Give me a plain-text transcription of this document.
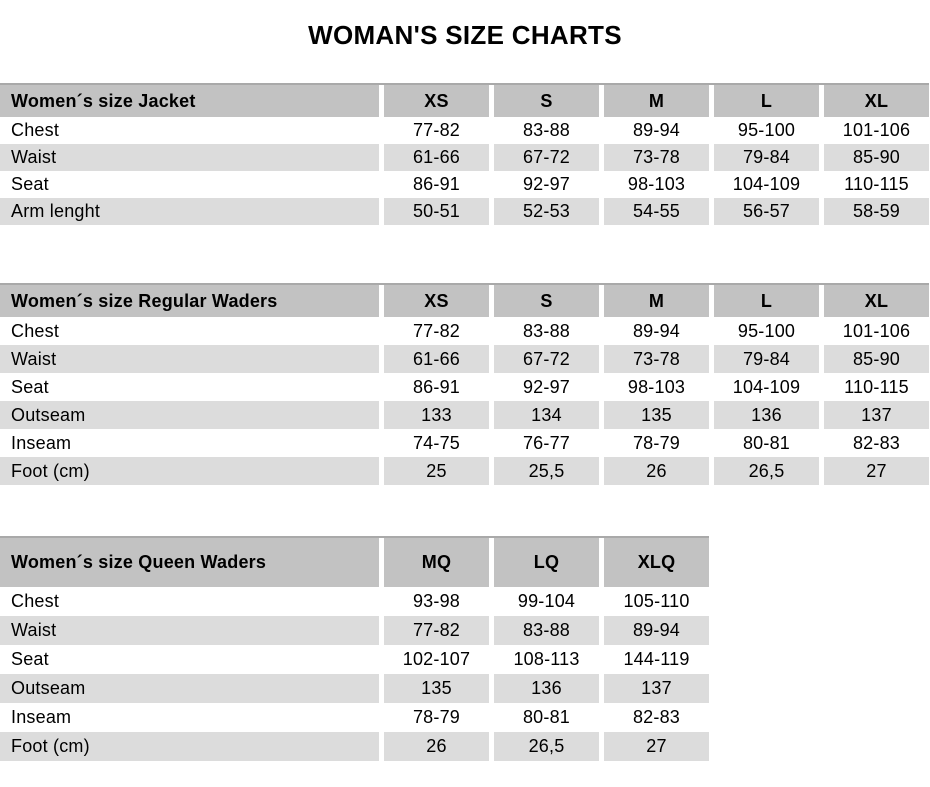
WOMAN'S SIZE CHARTS
Women´s size Jacket	XS	S	M	L	XL
Chest	77-82	83-88	89-94	95-100	101-106
Waist	61-66	67-72	73-78	79-84	85-90
Seat	86-91	92-97	98-103	104-109	110-115
Arm lenght	50-51	52-53	54-55	56-57	58-59
Women´s size Regular Waders	XS	S	M	L	XL
Chest	77-82	83-88	89-94	95-100	101-106
Waist	61-66	67-72	73-78	79-84	85-90
Seat	86-91	92-97	98-103	104-109	110-115
Outseam	133	134	135	136	137
Inseam	74-75	76-77	78-79	80-81	82-83
Foot (cm)	25	25,5	26	26,5	27
Women´s size Queen Waders	MQ	LQ	XLQ
Chest	93-98	99-104	105-110
Waist	77-82	83-88	89-94
Seat	102-107	108-113	144-119
Outseam	135	136	137
Inseam	78-79	80-81	82-83
Foot (cm)	26	26,5	27
